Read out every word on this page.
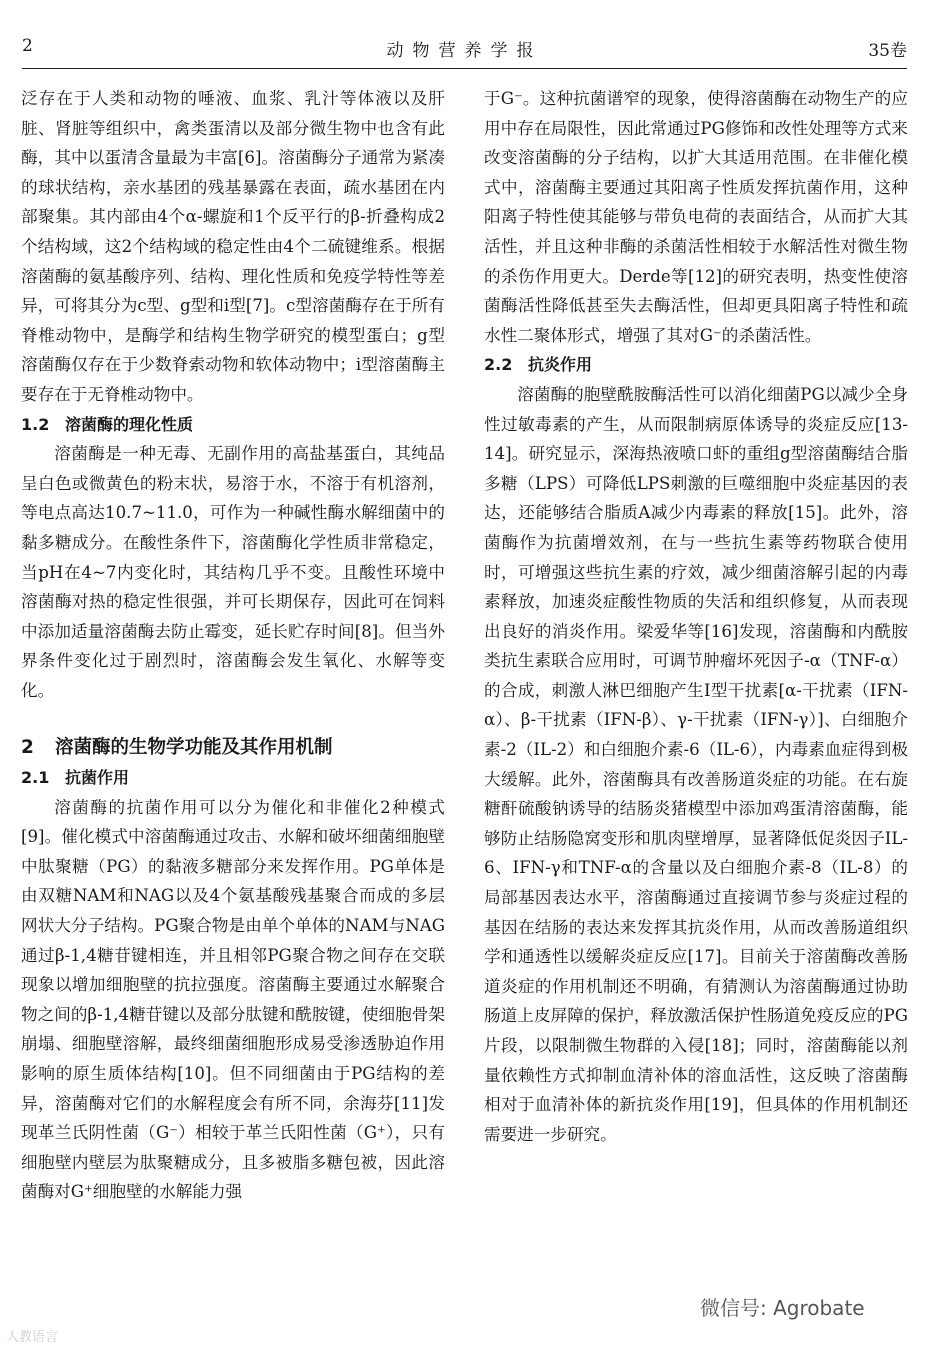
2	动物营养学报	35卷

泛存在于人类和动物的唾液、血浆、乳汁等体液以及肝脏、肾脏等组织中，禽类蛋清以及部分微生物中也含有此酶，其中以蛋清含量最为丰富[6]。溶菌酶分子通常为紧凑的球状结构，亲水基团的残基暴露在表面，疏水基团在内部聚集。其内部由4个α-螺旋和1个反平行的β-折叠构成2个结构域，这2个结构域的稳定性由4个二硫键维系。根据溶菌酶的氨基酸序列、结构、理化性质和免疫学特性等差异，可将其分为c型、g型和i型[7]。c型溶菌酶存在于所有脊椎动物中，是酶学和结构生物学研究的模型蛋白；g型溶菌酶仅存在于少数脊索动物和软体动物中；i型溶菌酶主要存在于无脊椎动物中。

1.2 溶菌酶的理化性质

溶菌酶是一种无毒、无副作用的高盐基蛋白，其纯品呈白色或微黄色的粉末状，易溶于水，不溶于有机溶剂，等电点高达10.7~11.0，可作为一种碱性酶水解细菌中的黏多糖成分。在酸性条件下，溶菌酶化学性质非常稳定，当pH在4~7内变化时，其结构几乎不变。且酸性环境中溶菌酶对热的稳定性很强，并可长期保存，因此可在饲料中添加适量溶菌酶去防止霉变，延长贮存时间[8]。但当外界条件变化过于剧烈时，溶菌酶会发生氧化、水解等变化。

2 溶菌酶的生物学功能及其作用机制

2.1 抗菌作用

溶菌酶的抗菌作用可以分为催化和非催化2种模式[9]。催化模式中溶菌酶通过攻击、水解和破坏细菌细胞壁中肽聚糖（PG）的黏液多糖部分来发挥作用。PG单体是由双糖NAM和NAG以及4个氨基酸残基聚合而成的多层网状大分子结构。PG聚合物是由单个单体的NAM与NAG通过β-1,4糖苷键相连，并且相邻PG聚合物之间存在交联现象以增加细胞壁的抗拉强度。溶菌酶主要通过水解聚合物之间的β-1,4糖苷键以及部分肽键和酰胺键，使细胞骨架崩塌、细胞壁溶解，最终细菌细胞形成易受渗透胁迫作用影响的原生质体结构[10]。但不同细菌由于PG结构的差异，溶菌酶对它们的水解程度会有所不同，余海芬[11]发现革兰氏阴性菌（G⁻）相较于革兰氏阳性菌（G⁺），只有细胞壁内壁层为肽聚糖成分，且多被脂多糖包被，因此溶菌酶对G⁺细胞壁的水解能力强

于G⁻。这种抗菌谱窄的现象，使得溶菌酶在动物生产的应用中存在局限性，因此常通过PG修饰和改性处理等方式来改变溶菌酶的分子结构，以扩大其适用范围。在非催化模式中，溶菌酶主要通过其阳离子性质发挥抗菌作用，这种阳离子特性使其能够与带负电荷的表面结合，从而扩大其活性，并且这种非酶的杀菌活性相较于水解活性对微生物的杀伤作用更大。Derde等[12]的研究表明，热变性使溶菌酶活性降低甚至失去酶活性，但却更具阳离子特性和疏水性二聚体形式，增强了其对G⁻的杀菌活性。

2.2 抗炎作用

溶菌酶的胞壁酰胺酶活性可以消化细菌PG以减少全身性过敏毒素的产生，从而限制病原体诱导的炎症反应[13-14]。研究显示，深海热液喷口虾的重组g型溶菌酶结合脂多糖（LPS）可降低LPS刺激的巨噬细胞中炎症基因的表达，还能够结合脂质A减少内毒素的释放[15]。此外，溶菌酶作为抗菌增效剂，在与一些抗生素等药物联合使用时，可增强这些抗生素的疗效，减少细菌溶解引起的内毒素释放，加速炎症酸性物质的失活和组织修复，从而表现出良好的消炎作用。梁爱华等[16]发现，溶菌酶和内酰胺类抗生素联合应用时，可调节肿瘤坏死因子-α（TNF-α）的合成，刺激人淋巴细胞产生Ⅰ型干扰素[α-干扰素（IFN-α）、β-干扰素（IFN-β）、γ-干扰素（IFN-γ）]、白细胞介素-2（IL-2）和白细胞介素-6（IL-6），内毒素血症得到极大缓解。此外，溶菌酶具有改善肠道炎症的功能。在右旋糖酐硫酸钠诱导的结肠炎猪模型中添加鸡蛋清溶菌酶，能够防止结肠隐窝变形和肌肉壁增厚，显著降低促炎因子IL-6、IFN-γ和TNF-α的含量以及白细胞介素-8（IL-8）的局部基因表达水平，溶菌酶通过直接调节参与炎症过程的基因在结肠的表达来发挥其抗炎作用，从而改善肠道组织学和通透性以缓解炎症反应[17]。目前关于溶菌酶改善肠道炎症的作用机制还不明确，有猜测认为溶菌酶通过协助肠道上皮屏障的保护，释放激活保护性肠道免疫反应的PG片段，以限制微生物群的入侵[18]；同时，溶菌酶能以剂量依赖性方式抑制血清补体的溶血活性，这反映了溶菌酶相对于血清补体的新抗炎作用[19]，但具体的作用机制还需要进一步研究。

微信号: Agrobate
人教语言
